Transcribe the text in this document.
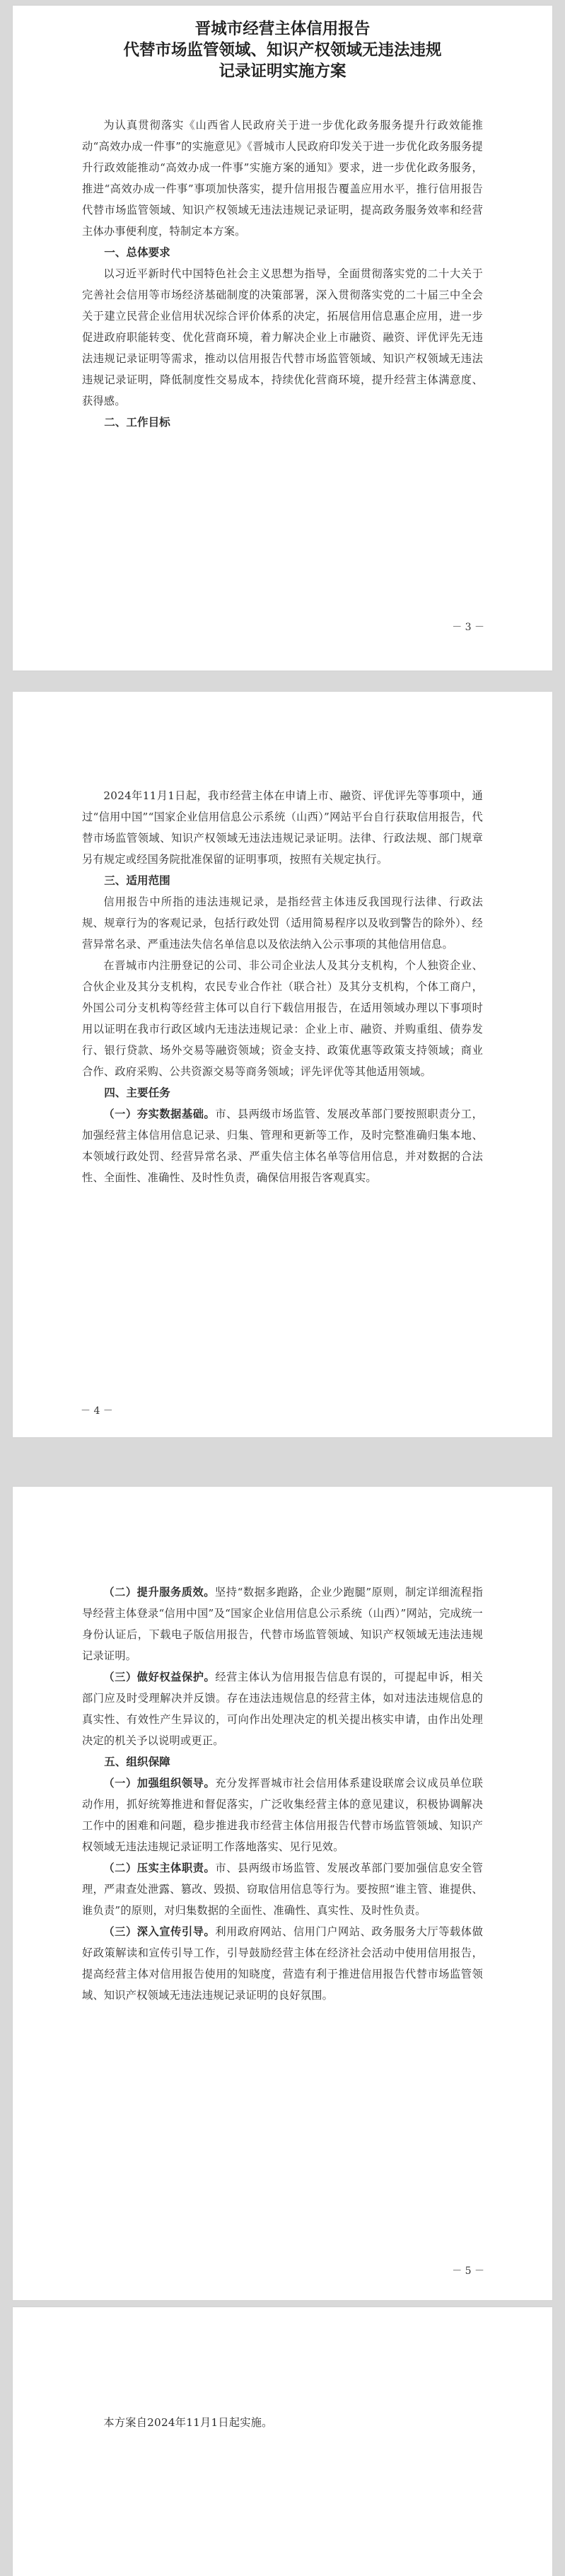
晋城市经营主体信用报告

代替市场监管领域、知识产权领域无违法违规

记录证明实施方案

为认真贯彻落实《山西省人民政府关于进一步优化政务服务提升行政效能推动“高效办成一件事”的实施意见》《晋城市人民政府印发关于进一步优化政务服务提升行政效能推动“高效办成一件事”实施方案的通知》要求，进一步优化政务服务，推进“高效办成一件事”事项加快落实，提升信用报告覆盖应用水平，推行信用报告代替市场监管领域、知识产权领域无违法违规记录证明，提高政务服务效率和经营主体办事便利度，特制定本方案。

一、总体要求

以习近平新时代中国特色社会主义思想为指导，全面贯彻落实党的二十大关于完善社会信用等市场经济基础制度的决策部署，深入贯彻落实党的二十届三中全会关于建立民营企业信用状况综合评价体系的决定，拓展信用信息惠企应用，进一步促进政府职能转变、优化营商环境，着力解决企业上市融资、融资、评优评先无违法违规记录证明等需求，推动以信用报告代替市场监管领域、知识产权领域无违法违规记录证明，降低制度性交易成本，持续优化营商环境，提升经营主体满意度、获得感。

二、工作目标

－ 3 －

2024年11月1日起，我市经营主体在申请上市、融资、评优评先等事项中，通过“信用中国”“国家企业信用信息公示系统（山西）”网站平台自行获取信用报告，代替市场监管领域、知识产权领域无违法违规记录证明。法律、行政法规、部门规章另有规定或经国务院批准保留的证明事项，按照有关规定执行。

三、适用范围

信用报告中所指的违法违规记录，是指经营主体违反我国现行法律、行政法规、规章行为的客观记录，包括行政处罚（适用简易程序以及收到警告的除外）、经营异常名录、严重违法失信名单信息以及依法纳入公示事项的其他信用信息。

在晋城市内注册登记的公司、非公司企业法人及其分支机构，个人独资企业、合伙企业及其分支机构，农民专业合作社（联合社）及其分支机构，个体工商户，外国公司分支机构等经营主体可以自行下载信用报告，在适用领域办理以下事项时用以证明在我市行政区域内无违法违规记录：企业上市、融资、并购重组、债券发行、银行贷款、场外交易等融资领域；资金支持、政策优惠等政策支持领域；商业合作、政府采购、公共资源交易等商务领域；评先评优等其他适用领域。

四、主要任务

（一）夯实数据基础。市、县两级市场监管、发展改革部门要按照职责分工，加强经营主体信用信息记录、归集、管理和更新等工作，及时完整准确归集本地、本领域行政处罚、经营异常名录、严重失信主体名单等信用信息，并对数据的合法性、全面性、准确性、及时性负责，确保信用报告客观真实。

－ 4 －

（二）提升服务质效。坚持“数据多跑路，企业少跑腿”原则，制定详细流程指导经营主体登录“信用中国”及“国家企业信用信息公示系统（山西）”网站，完成统一身份认证后，下载电子版信用报告，代替市场监管领域、知识产权领域无违法违规记录证明。

（三）做好权益保护。经营主体认为信用报告信息有误的，可提起申诉，相关部门应及时受理解决并反馈。存在违法违规信息的经营主体，如对违法违规信息的真实性、有效性产生异议的，可向作出处理决定的机关提出核实申请，由作出处理决定的机关予以说明或更正。

五、组织保障

（一）加强组织领导。充分发挥晋城市社会信用体系建设联席会议成员单位联动作用，抓好统筹推进和督促落实，广泛收集经营主体的意见建议，积极协调解决工作中的困难和问题，稳步推进我市经营主体信用报告代替市场监管领域、知识产权领域无违法违规记录证明工作落地落实、见行见效。

（二）压实主体职责。市、县两级市场监管、发展改革部门要加强信息安全管理，严肃查处泄露、篡改、毁损、窃取信用信息等行为。要按照“谁主管、谁提供、谁负责”的原则，对归集数据的全面性、准确性、真实性、及时性负责。

（三）深入宣传引导。利用政府网站、信用门户网站、政务服务大厅等载体做好政策解读和宣传引导工作，引导鼓励经营主体在经济社会活动中使用信用报告，提高经营主体对信用报告使用的知晓度，营造有利于推进信用报告代替市场监管领域、知识产权领域无违法违规记录证明的良好氛围。

－ 5 －

本方案自2024年11月1日起实施。
